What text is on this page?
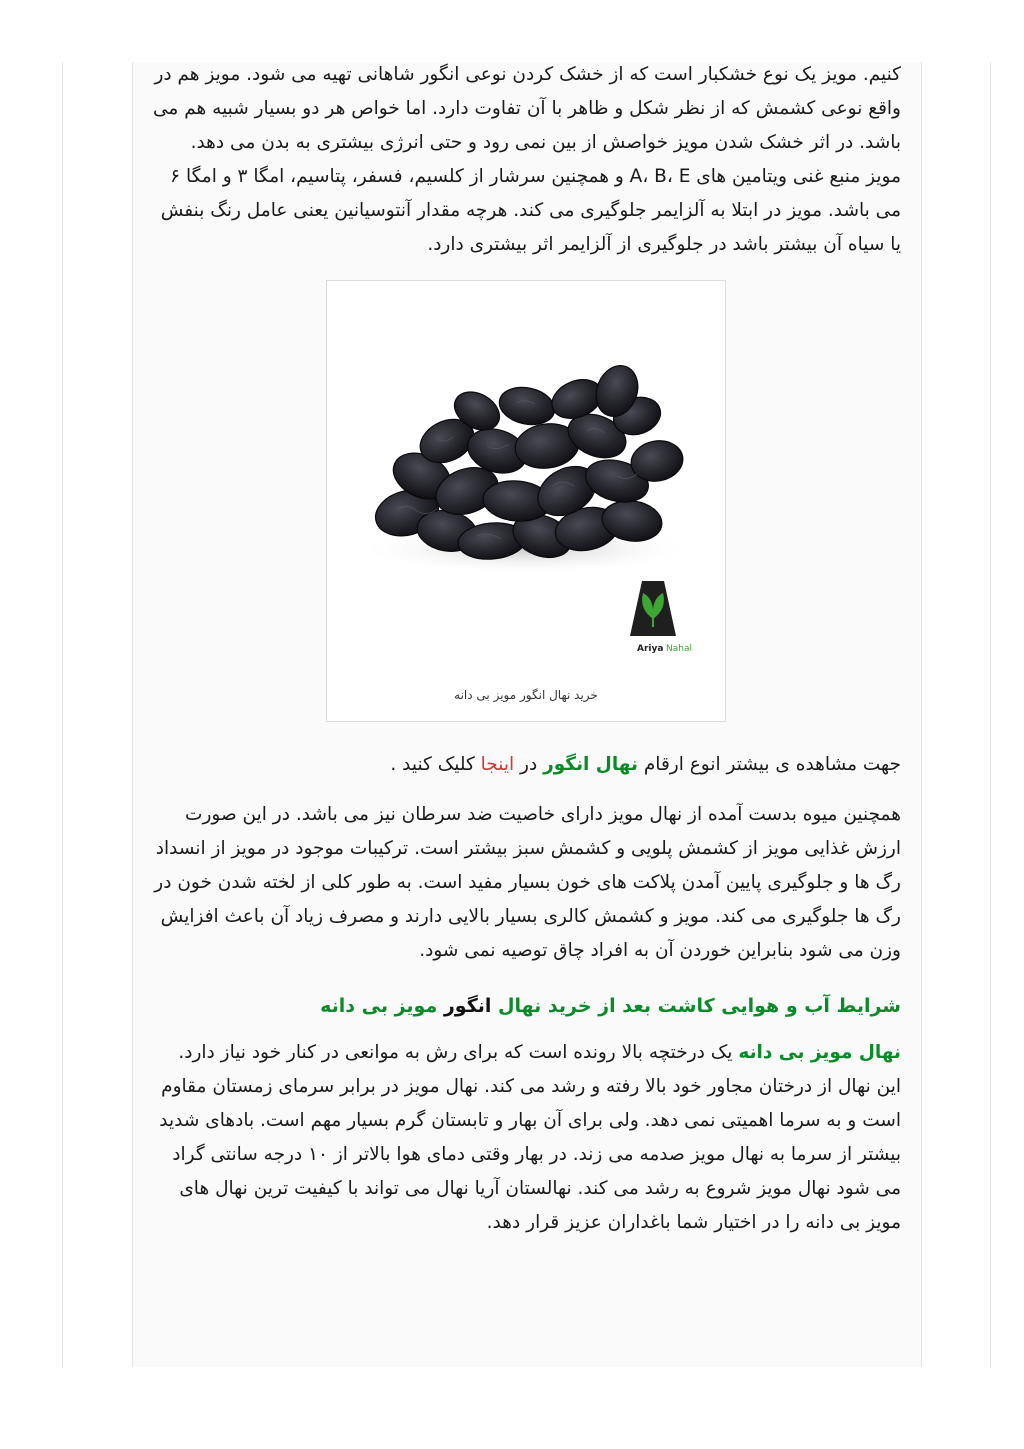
کنیم. مویز یک نوع خشکبار است که از خشک کردن نوعی انگور شاهانی تهیه می شود. مویز هم در واقع نوعی کشمش که از نظر شکل و ظاهر با آن تفاوت دارد. اما خواص هر دو بسیار شبیه هم می باشد. در اثر خشک شدن مویز خواصش از بین نمی رود و حتی انرژی بیشتری به بدن می دهد. مویز منبع غنی ویتامین های A، B، E و همچنین سرشار از کلسیم، فسفر، پتاسیم، امگا ۳ و امگا ۶ می باشد. مویز در ابتلا به آلزایمر جلوگیری می کند. هرچه مقدار آنتوسیانین یعنی عامل رنگ بنفش یا سیاه آن بیشتر باشد در جلوگیری از آلزایمر اثر بیشتری دارد.

Ariya Nahal
خرید نهال انگور مویز بی دانه

جهت مشاهده ی بیشتر انوع ارقام نهال انگور در اینجا کلیک کنید .

همچنین میوه بدست آمده از نهال مویز دارای خاصیت ضد سرطان نیز می باشد. در این صورت ارزش غذایی مویز از کشمش پلویی و کشمش سبز بیشتر است. ترکیبات موجود در مویز از انسداد رگ ها و جلوگیری پایین آمدن پلاکت های خون بسیار مفید است. به طور کلی از لخته شدن خون در رگ ها جلوگیری می کند. مویز و کشمش کالری بسیار بالایی دارند و مصرف زیاد آن باعث افزایش وزن می شود بنابراین خوردن آن به افراد چاق توصیه نمی شود.

شرایط آب و هوایی کاشت بعد از خرید نهال انگور مویز بی دانه

نهال مویز بی دانه یک درختچه بالا رونده است که برای رش به موانعی در کنار خود نیاز دارد. این نهال از درختان مجاور خود بالا رفته و رشد می کند. نهال مویز در برابر سرمای زمستان مقاوم است و به سرما اهمیتی نمی دهد. ولی برای آن بهار و تابستان گرم بسیار مهم است. بادهای شدید بیشتر از سرما به نهال مویز صدمه می زند. در بهار وقتی دمای هوا بالاتر از ۱۰ درجه سانتی گراد می شود نهال مویز شروع به رشد می کند. نهالستان آریا نهال می تواند با کیفیت ترین نهال های مویز بی دانه را در اختیار شما باغداران عزیز قرار دهد.
